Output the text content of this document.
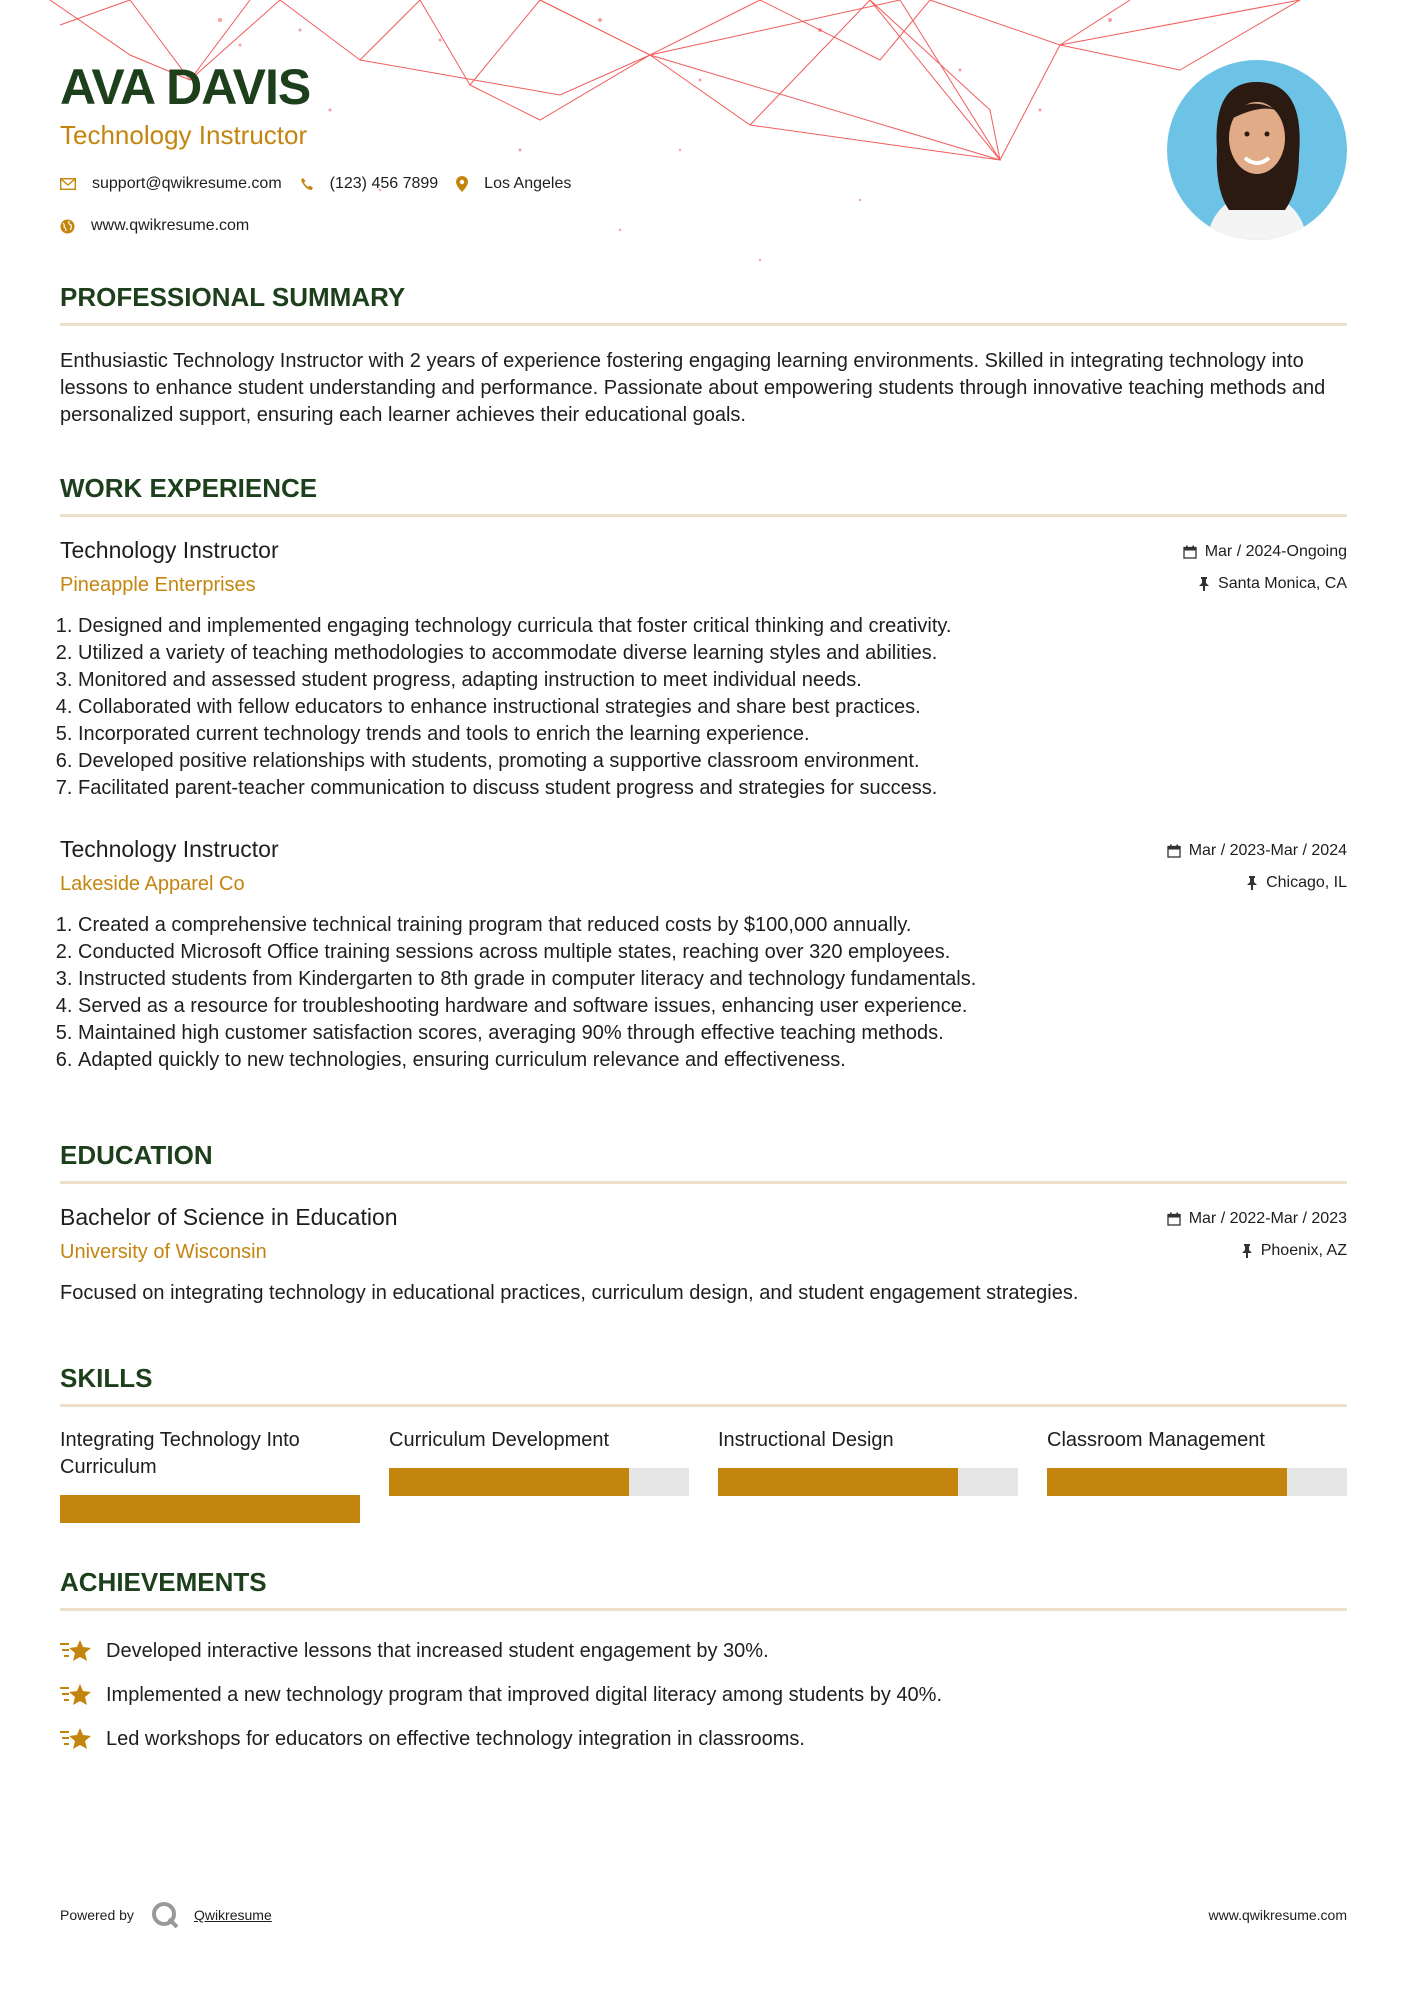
AVA DAVIS
Technology Instructor
support@qwikresume.com	(123) 456 7899	Los Angeles
www.qwikresume.com
PROFESSIONAL SUMMARY
Enthusiastic Technology Instructor with 2 years of experience fostering engaging learning environments. Skilled in integrating technology into lessons to enhance student understanding and performance. Passionate about empowering students through innovative teaching methods and personalized support, ensuring each learner achieves their educational goals.
WORK EXPERIENCE
Technology Instructor
Pineapple Enterprises
Mar / 2024-Ongoing
Santa Monica, CA
1. Designed and implemented engaging technology curricula that foster critical thinking and creativity.
2. Utilized a variety of teaching methodologies to accommodate diverse learning styles and abilities.
3. Monitored and assessed student progress, adapting instruction to meet individual needs.
4. Collaborated with fellow educators to enhance instructional strategies and share best practices.
5. Incorporated current technology trends and tools to enrich the learning experience.
6. Developed positive relationships with students, promoting a supportive classroom environment.
7. Facilitated parent-teacher communication to discuss student progress and strategies for success.
Technology Instructor
Lakeside Apparel Co
Mar / 2023-Mar / 2024
Chicago, IL
1. Created a comprehensive technical training program that reduced costs by $100,000 annually.
2. Conducted Microsoft Office training sessions across multiple states, reaching over 320 employees.
3. Instructed students from Kindergarten to 8th grade in computer literacy and technology fundamentals.
4. Served as a resource for troubleshooting hardware and software issues, enhancing user experience.
5. Maintained high customer satisfaction scores, averaging 90% through effective teaching methods.
6. Adapted quickly to new technologies, ensuring curriculum relevance and effectiveness.
EDUCATION
Bachelor of Science in Education
University of Wisconsin
Mar / 2022-Mar / 2023
Phoenix, AZ
Focused on integrating technology in educational practices, curriculum design, and student engagement strategies.
SKILLS
Integrating Technology Into Curriculum
Curriculum Development	Instructional Design	Classroom Management
ACHIEVEMENTS
Developed interactive lessons that increased student engagement by 30%.
Implemented a new technology program that improved digital literacy among students by 40%.
Led workshops for educators on effective technology integration in classrooms.
Powered by	Qwikresume	www.qwikresume.com
